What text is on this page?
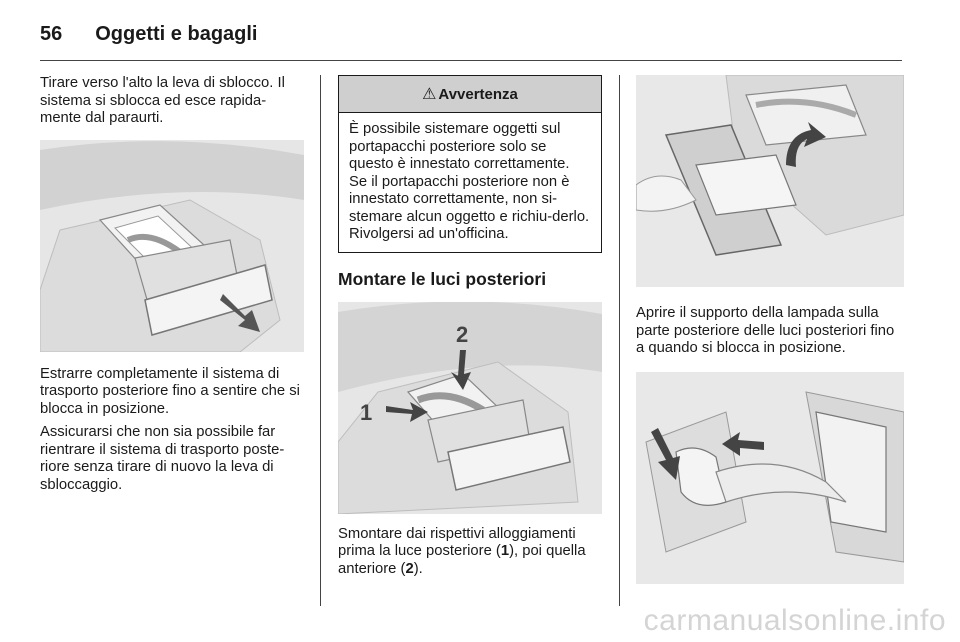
56 Oggetti e bagagli

Tirare verso l'alto la leva di sblocco. Il sistema si sblocca ed esce rapida-mente dal paraurti.

Estrarre completamente il sistema di trasporto posteriore fino a sentire che si blocca in posizione.

Assicurarsi che non sia possibile far rientrare il sistema di trasporto poste-riore senza tirare di nuovo la leva di sbloccaggio.

⚠ Avvertenza
È possibile sistemare oggetti sul portapacchi posteriore solo se questo è innestato correttamente. Se il portapacchi posteriore non è innestato correttamente, non si-stemare alcun oggetto e richiu-derlo. Rivolgersi ad un'officina.
Montare le luci posteriori
1
2

Smontare dai rispettivi alloggiamenti prima la luce posteriore (1), poi quella anteriore (2).

Aprire il supporto della lampada sulla parte posteriore delle luci posteriori fino a quando si blocca in posizione.

carmanualsonline.info
